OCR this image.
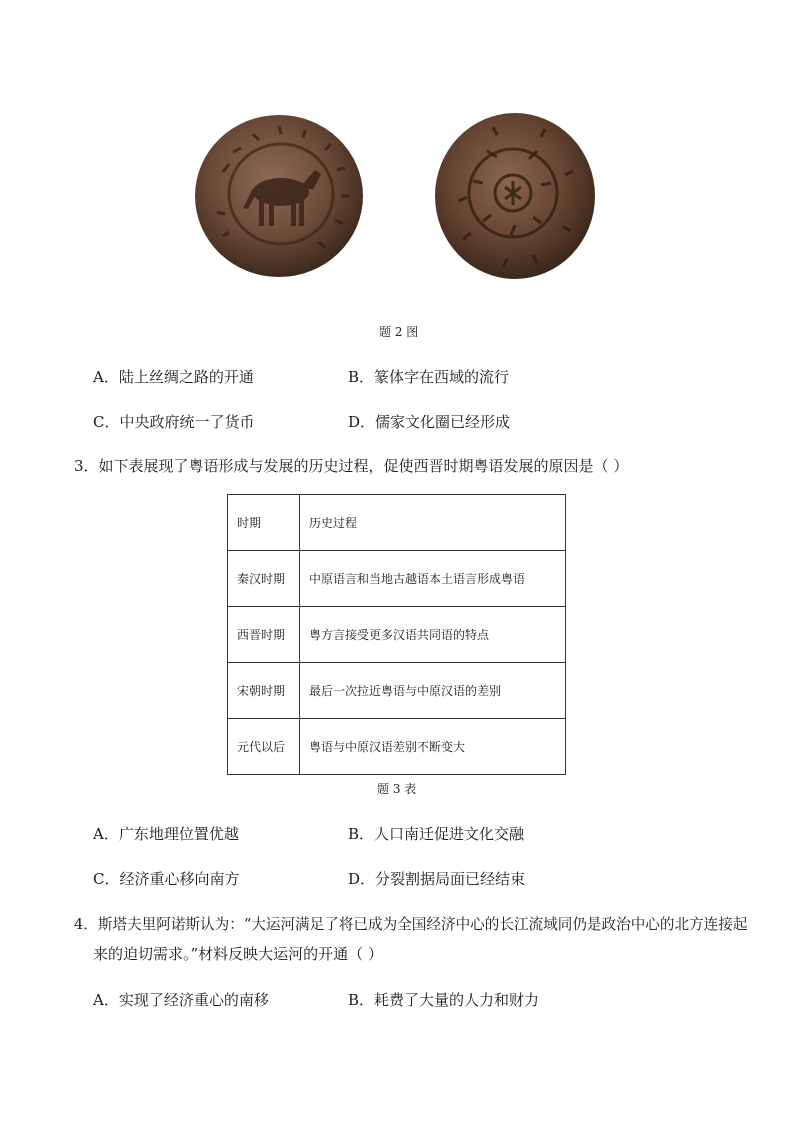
题 2 图
A．陆上丝绸之路的开通	B．篆体字在西域的流行
C．中央政府统一了货币	D．儒家文化圈已经形成
3．如下表展现了粤语形成与发展的历史过程，促使西晋时期粤语发展的原因是（ ）
时期	历史过程
秦汉时期	中原语言和当地古越语本土语言形成粤语
西晋时期	粤方言接受更多汉语共同语的特点
宋朝时期	最后一次拉近粤语与中原汉语的差别
元代以后	粤语与中原汉语差别不断变大
题 3 表
A．广东地理位置优越	B．人口南迁促进文化交融
C．经济重心移向南方	D．分裂割据局面已经结束
4．斯塔夫里阿诺斯认为：“大运河满足了将已成为全国经济中心的长江流域同仍是政治中心的北方连接起
来的迫切需求。”材料反映大运河的开通（ ）
A．实现了经济重心的南移	B．耗费了大量的人力和财力
